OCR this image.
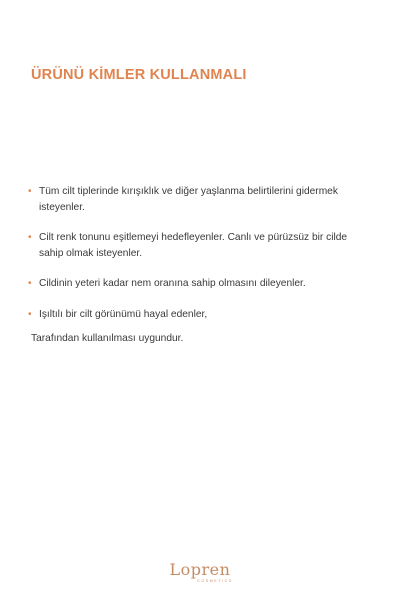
ÜRÜNÜ KİMLER KULLANMALI
• Tüm cilt tiplerinde kırışıklık ve diğer yaşlanma belirtilerini gidermek isteyenler.
• Cilt renk tonunu eşitlemeyi hedefleyenler. Canlı ve pürüzsüz bir cilde sahip olmak isteyenler.
• Cildinin yeteri kadar nem oranına sahip olmasını dileyenler.
• Işıltılı bir cilt görünümü hayal edenler,

Tarafından kullanılması uygundur.

Lopren
COSMETICS
